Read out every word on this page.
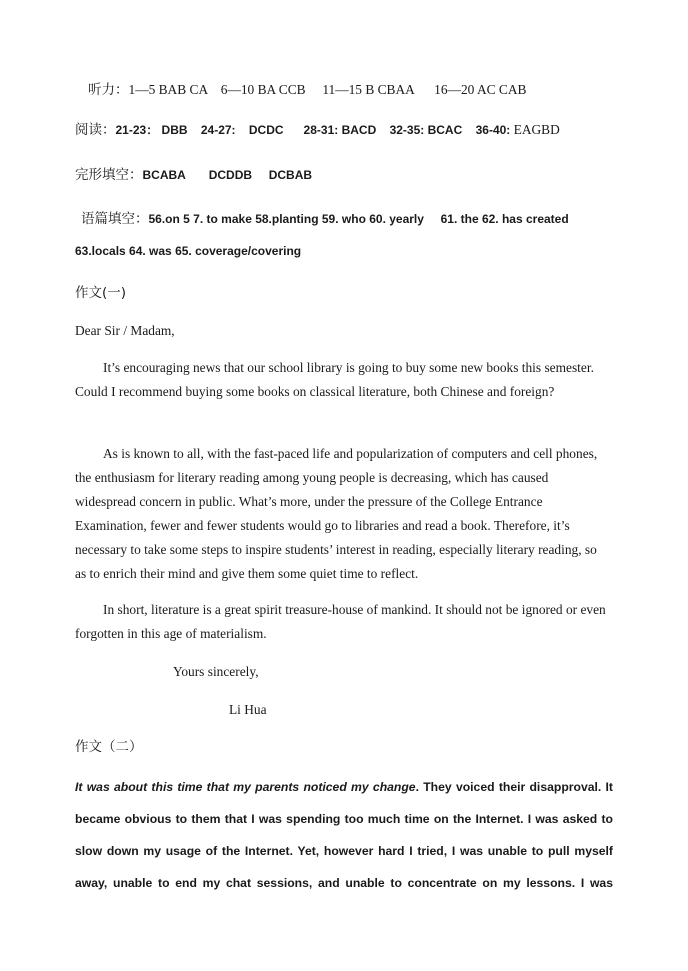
听力：1—5 BAB CA    6—10 BA CCB     11—15 B CBAA      16—20 AC CAB
阅读：21-23： DBB    24-27:    DCDC      28-31: BACD    32-35: BCAC    36-40: EAGBD
完形填空：BCABA       DCDDB     DCBAB
语篇填空：56.on 5 7. to make 58.planting 59. who 60. yearly     61. the 62. has created
63.locals 64. was 65. coverage/covering
作文(一)
Dear Sir / Madam,
It’s encouraging news that our school library is going to buy some new books this semester. Could I recommend buying some books on classical literature, both Chinese and foreign?
As is known to all, with the fast-paced life and popularization of computers and cell phones, the enthusiasm for literary reading among young people is decreasing, which has caused widespread concern in public. What’s more, under the pressure of the College Entrance Examination, fewer and fewer students would go to libraries and read a book. Therefore, it’s necessary to take some steps to inspire students’ interest in reading, especially literary reading, so as to enrich their mind and give them some quiet time to reflect.
In short, literature is a great spirit treasure-house of mankind. It should not be ignored or even forgotten in this age of materialism.
Yours sincerely,
Li Hua
作文（二）
It was about this time that my parents noticed my change. They voiced their disapproval. It became obvious to them that I was spending too much time on the Internet. I was asked to slow down my usage of the Internet. Yet, however hard I tried, I was unable to pull myself away, unable to end my chat sessions, and unable to concentrate on my lessons. I was
